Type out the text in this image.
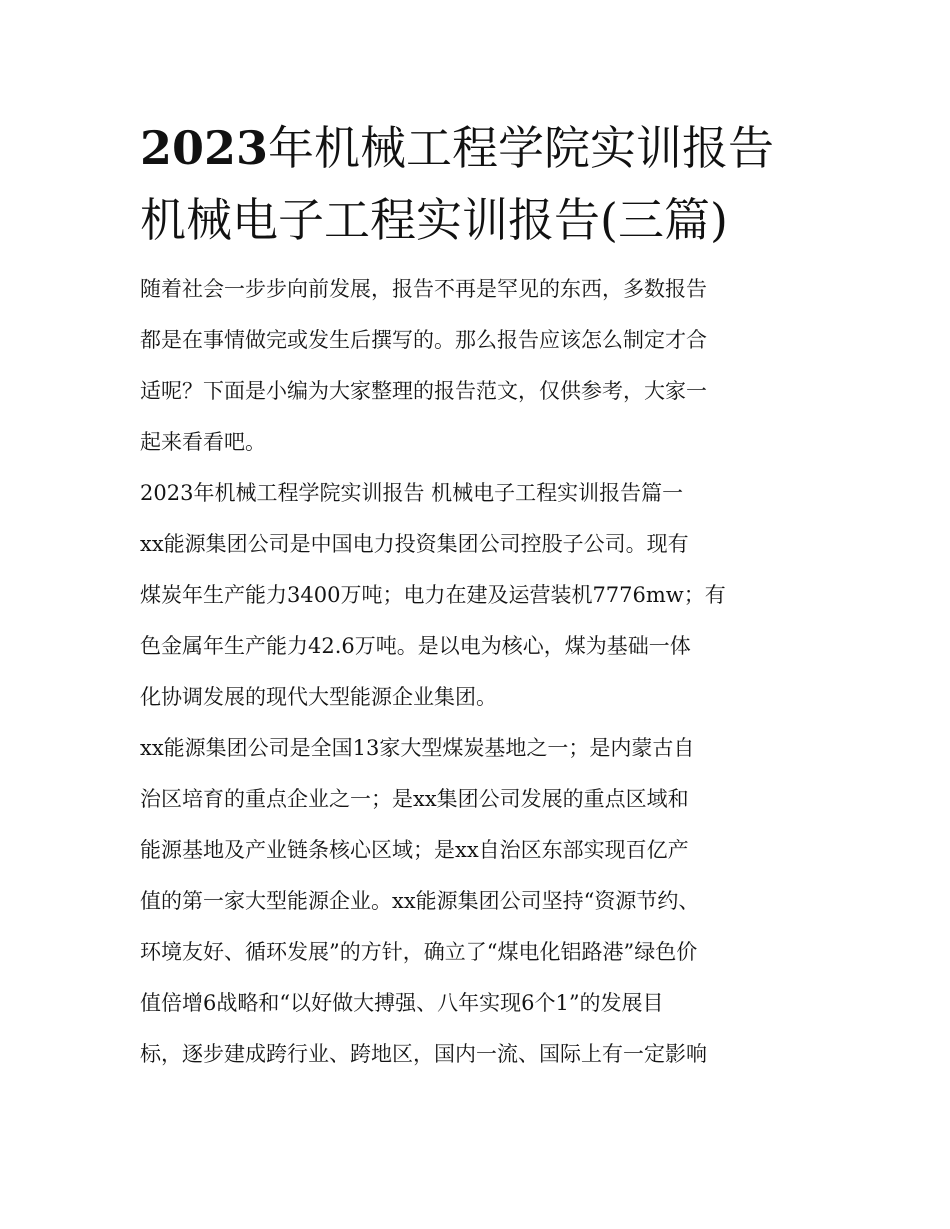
2023年机械工程学院实训报告
机械电子工程实训报告(三篇)
随着社会一步步向前发展，报告不再是罕见的东西，多数报告
都是在事情做完或发生后撰写的。那么报告应该怎么制定才合
适呢？下面是小编为大家整理的报告范文，仅供参考，大家一
起来看看吧。
2023年机械工程学院实训报告 机械电子工程实训报告篇一
xx能源集团公司是中国电力投资集团公司控股子公司。现有
煤炭年生产能力3400万吨；电力在建及运营装机7776mw；有
色金属年生产能力42.6万吨。是以电为核心，煤为基础一体
化协调发展的现代大型能源企业集团。
xx能源集团公司是全国13家大型煤炭基地之一；是内蒙古自
治区培育的重点企业之一；是xx集团公司发展的重点区域和
能源基地及产业链条核心区域；是xx自治区东部实现百亿产
值的第一家大型能源企业。xx能源集团公司坚持“资源节约、
环境友好、循环发展”的方针，确立了“煤电化铝路港”绿色价
值倍增6战略和“以好做大搏强、八年实现6个1”的发展目
标，逐步建成跨行业、跨地区，国内一流、国际上有一定影响
